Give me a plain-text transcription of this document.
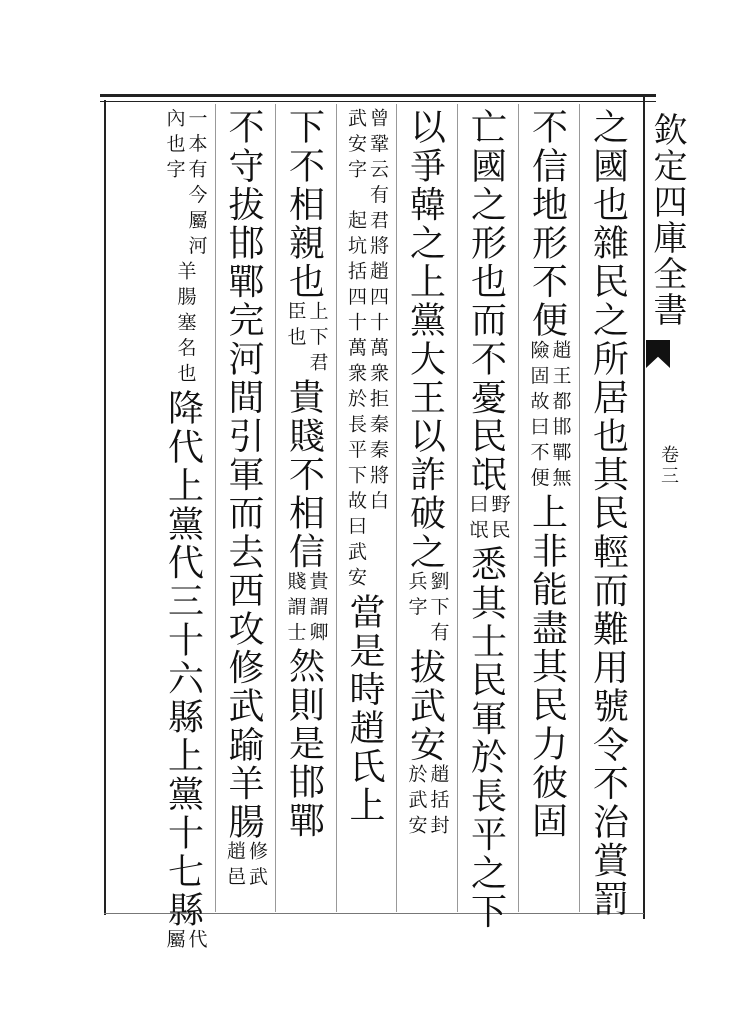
欽定四庫全書
卷三
之國也雜民之所居也其民輕而難用號令不治賞罰
不信地形不便
趙王都邯鄲無
險固故曰不便
上非能盡其民力彼固
亡國之形也而不憂民氓
野民
曰氓
悉其士民軍於長平之下
以爭韓之上黨大王以詐破之
劉下有
兵字
拔武安
趙括封
於武安
曾鞏云有
武安字
君將趙四十萬衆拒秦秦將白
起坑括四十萬衆於長平下故曰武安
當是時趙氏上
下不相親也
上下君
臣也
貴賤不相信
貴謂卿
賤謂士
然則是邯鄲
不守拔邯鄲完河間引軍而去西攻修武踰羊腸
修武
趙邑
一本有今屬河
內也字
羊腸塞名也
降代上黨代三十六縣上黨十七縣
代
屬
